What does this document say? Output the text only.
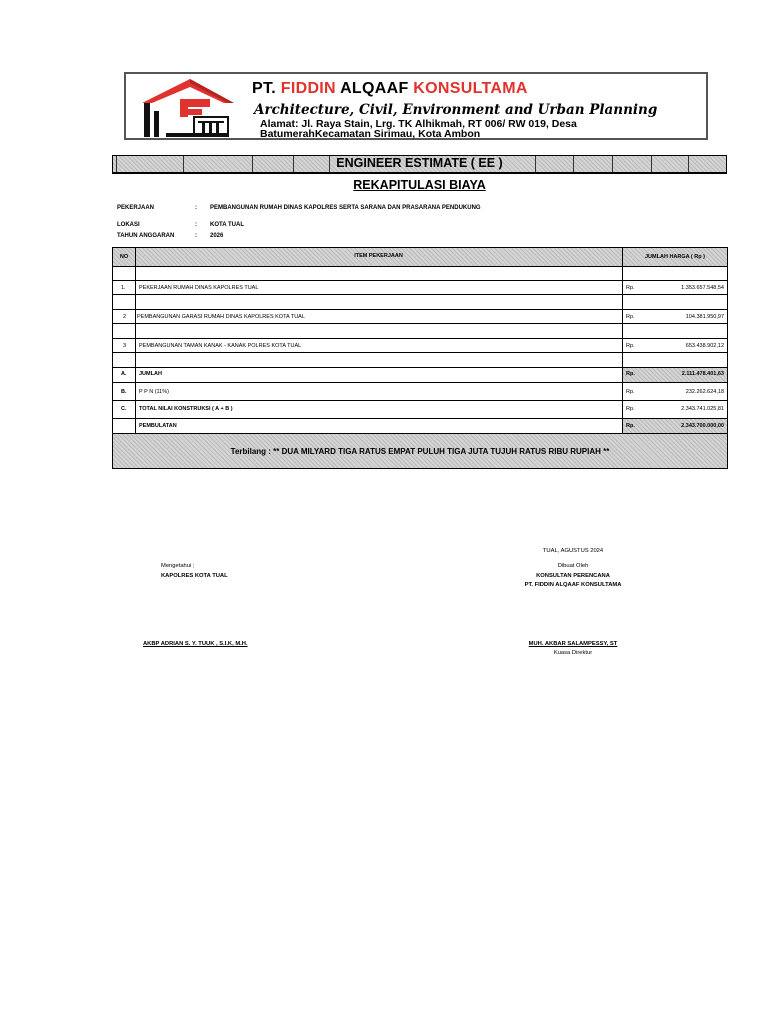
PT. FIDDIN ALQAAF KONSULTAMA
Architecture, Civil, Environment and Urban Planning
Alamat: Jl. Raya Stain, Lrg. TK Alhikmah, RT 006/ RW 019, Desa
BatumerahKecamatan Sirimau, Kota Ambon
ENGINEER ESTIMATE ( EE )
REKAPITULASI BIAYA
PEKERJAAN	: PEMBANGUNAN RUMAH DINAS KAPOLRES SERTA SARANA DAN PRASARANA PENDUKUNG
LOKASI	: KOTA TUAL
TAHUN ANGGARAN	: 2026
NO	ITEM PEKERJAAN	JUMLAH HARGA ( Rp )
1. PEKERJAAN RUMAH DINAS KAPOLRES TUAL	Rp.	1.353.657.548,54
2 PEMBANGUNAN GARASI RUMAH DINAS KAPOLRES KOTA TUAL	Rp.	104.381.950,97
3 PEMBANGUNAN TAMAN KANAK - KANAK POLRES KOTA TUAL	Rp.	653.438.902,12
A. JUMLAH	Rp.	2.111.478.401,63
B. P P N (11%)	Rp.	232.262.624,18
C. TOTAL NILAI KONSTRUKSI ( A + B )	Rp.	2.343.741.025,81
PEMBULATAN	Rp.	2.343.700.000,00
Terbilang : ** DUA MILYARD TIGA RATUS EMPAT PULUH TIGA JUTA TUJUH RATUS RIBU RUPIAH **
Mengetahui ;
KAPOLRES KOTA TUAL
AKBP ADRIAN S. Y. TUUK , S.I.K, M.H.
TUAL, AGUSTUS 2024
Dibuat Oleh
KONSULTAN PERENCANA
PT. FIDDIN ALQAAF KONSULTAMA
MUH. AKBAR SALAMPESSY, ST
Kuasa Direktur
